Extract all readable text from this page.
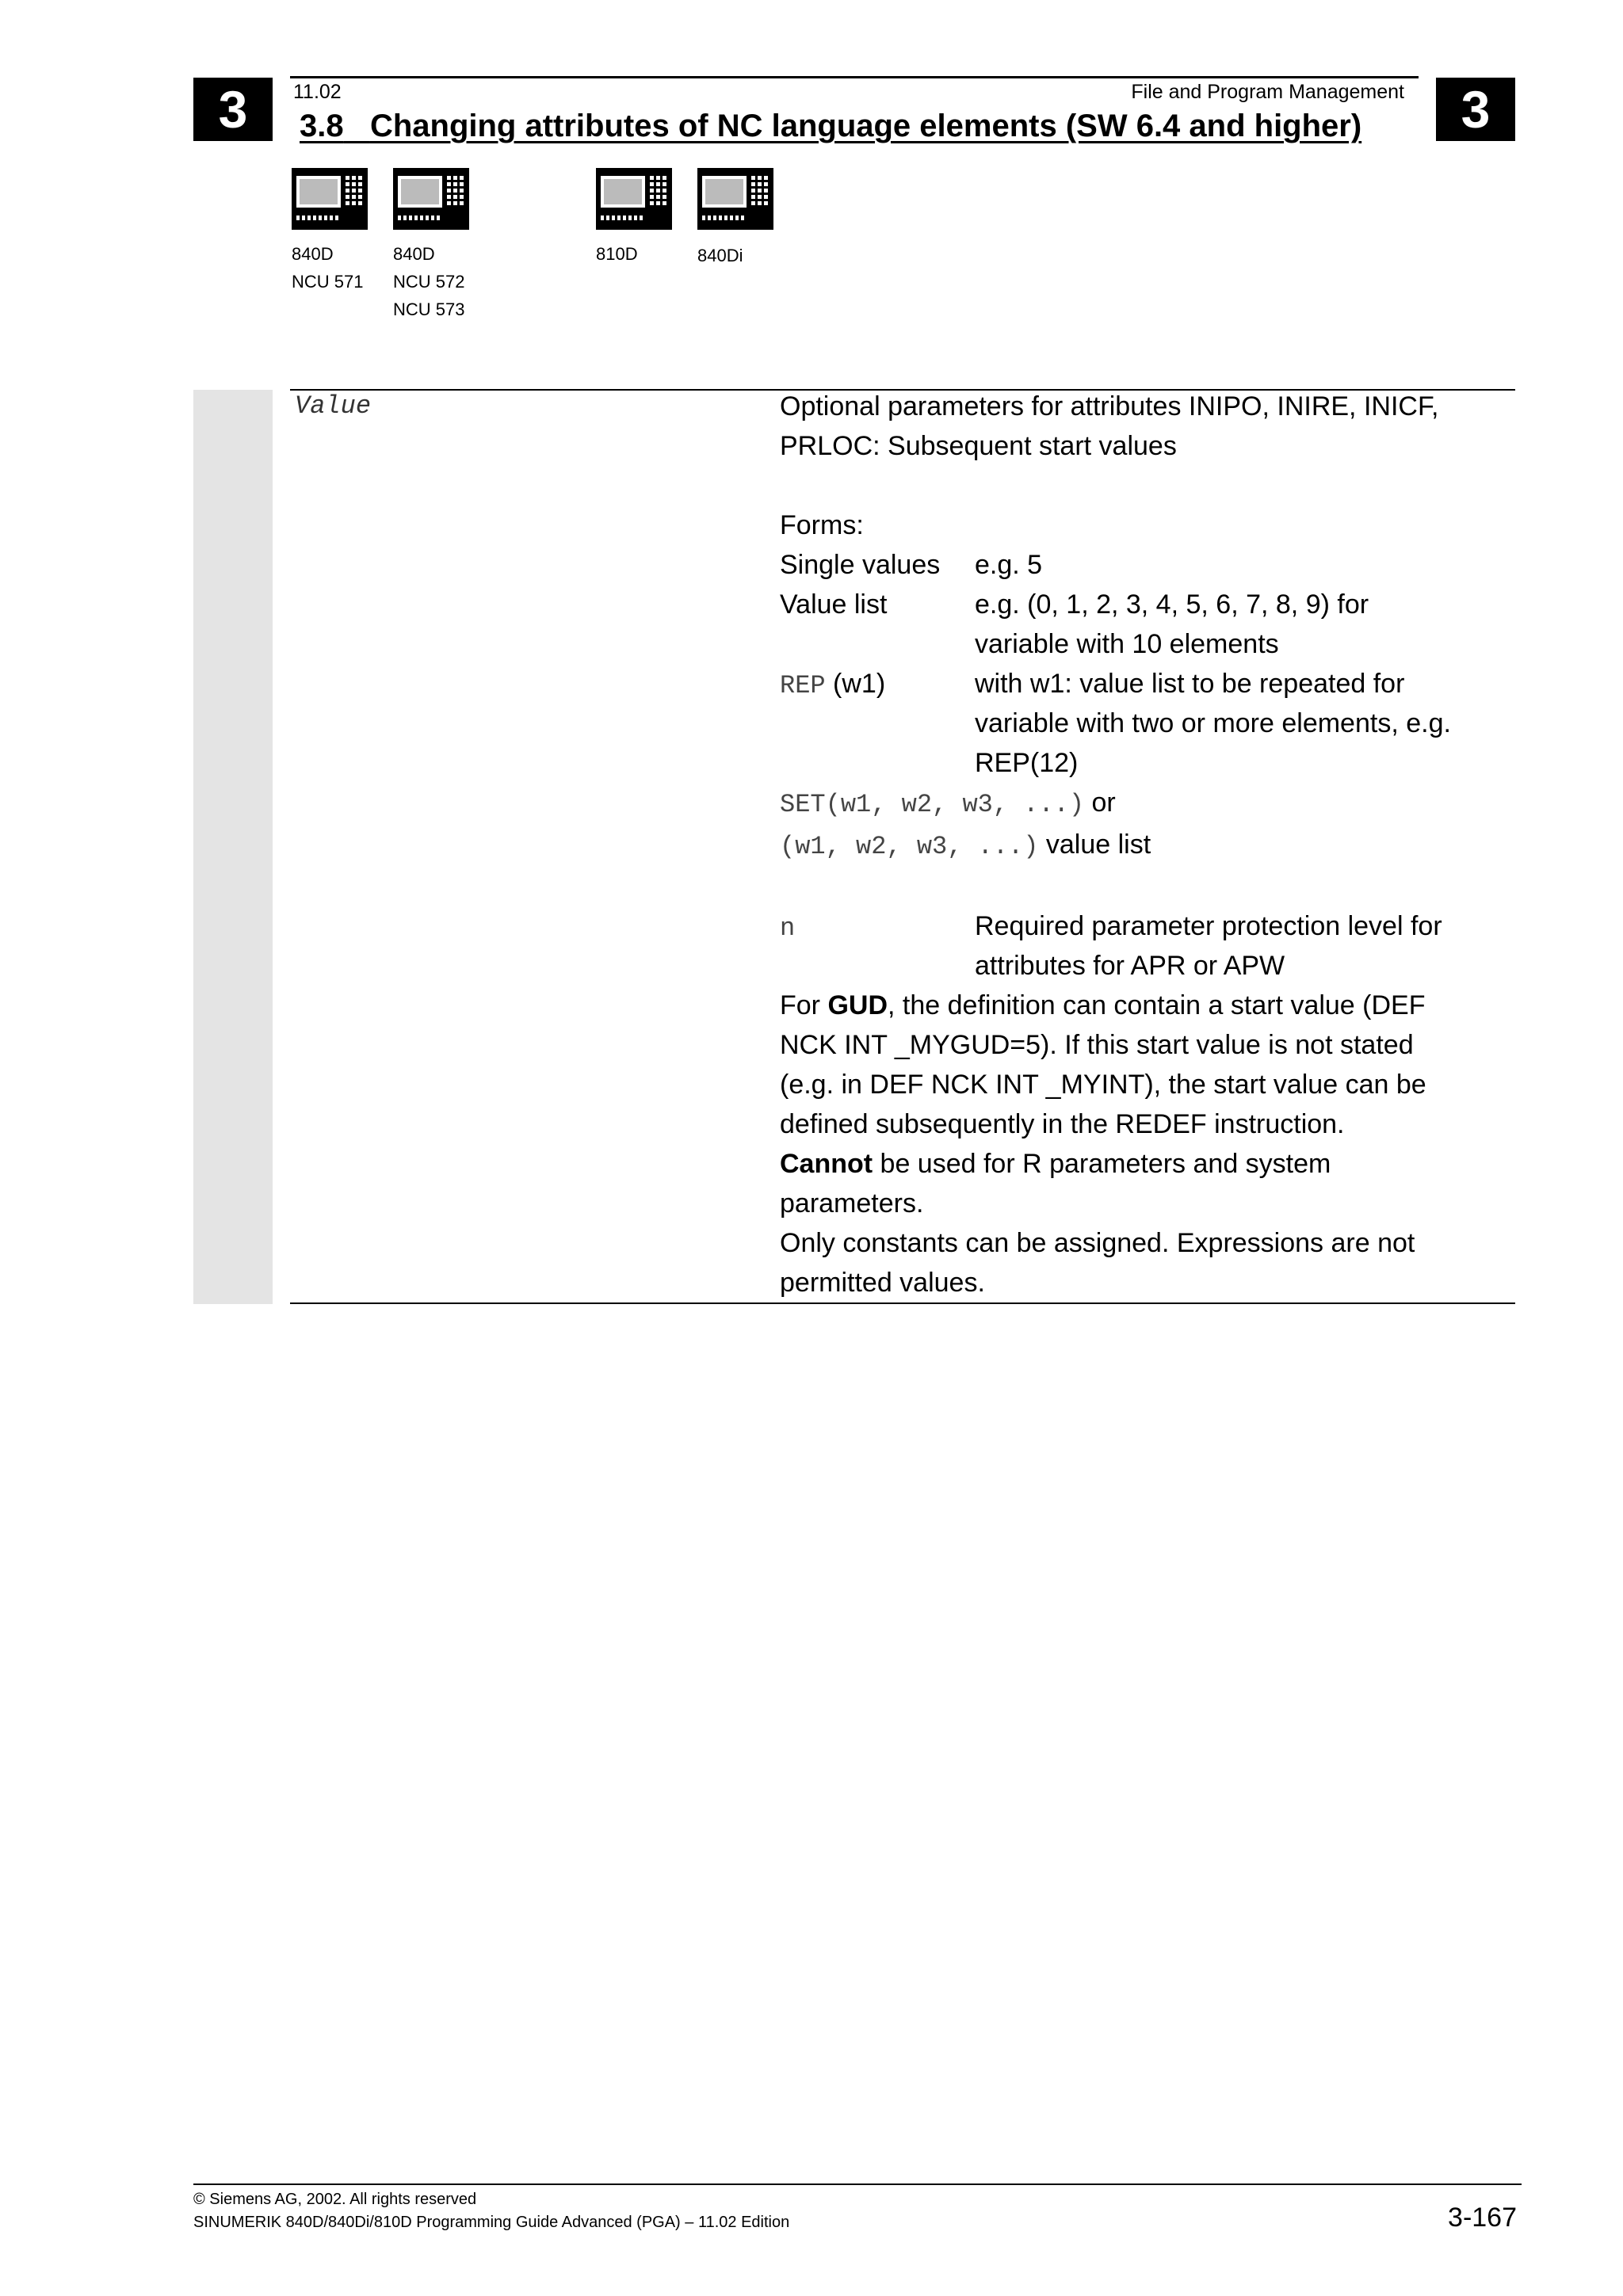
3	3
11.02	File and Program Management
3.8 Changing attributes of NC language elements (SW 6.4 and higher)
840D
NCU 571
840D
NCU 572
NCU 573
810D	840Di
Value	Optional parameters for attributes INIPO, INIRE, INICF,
PRLOC: Subsequent start values
Forms:
Single values e.g. 5
Value list	e.g. (0, 1, 2, 3, 4, 5, 6, 7, 8, 9) for
variable with 10 elements
REP (w1)	with w1: value list to be repeated for
variable with two or more elements, e.g.
REP(12)
SET(w1, w2, w3, ...) or
(w1, w2, w3, ...) value list
n	Required parameter protection level for
attributes for APR or APW
For GUD, the definition can contain a start value (DEF
NCK INT _MYGUD=5). If this start value is not stated
(e.g. in DEF NCK INT _MYINT), the start value can be
defined subsequently in the REDEF instruction.
Cannot be used for R parameters and system
parameters.
Only constants can be assigned. Expressions are not
permitted values.
© Siemens AG, 2002. All rights reserved
SINUMERIK 840D/840Di/810D Programming Guide Advanced (PGA) – 11.02 Edition	3-167
